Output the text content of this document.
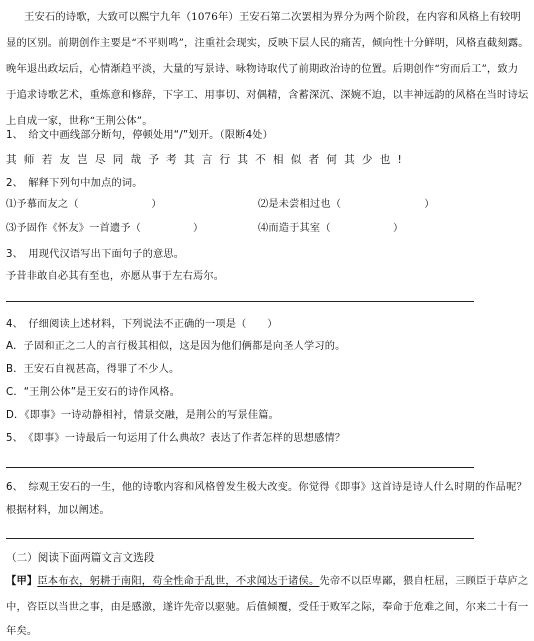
王安石的诗歌，大致可以熙宁九年（1076年）王安石第二次罢相为界分为两个阶段，在内容和风格上有较明
显的区别。前期创作主要是“不平则鸣”，注重社会现实，反映下层人民的痛苦，倾向性十分鲜明，风格直截刻露。
晚年退出政坛后，心情渐趋平淡，大量的写景诗、咏物诗取代了前期政治诗的位置。后期创作“穷而后工”，致力
于追求诗歌艺术，重炼意和修辞，下字工、用事切、对偶精，含蓄深沉、深婉不迫，以丰神远韵的风格在当时诗坛
上自成一家，世称“王荆公体”。
1、　给文中画线部分断句，停顿处用“/”划开。（限断4处）
其师若友岂尽同哉予考其言行其不相似者何其少也!
2、　解释下列句中加点的词。
⑴予慕而友之（　　　　　　　）	⑵是未尝相过也（　　　　　　　　）
⑶予固作《怀友》一首遗予（　　　　　）	⑷而造于其室（　　　　　　）
3、　用现代汉语写出下面句子的意思。
予昔非敢自必其有至也，亦愿从事于左右焉尔。
4、　仔细阅读上述材料，下列说法不正确的一项是（　　）
A．子固和正之二人的言行极其相似，这是因为他们俩都是向圣人学习的。
B．王安石自视甚高，得罪了不少人。
C．“王荆公体”是王安石的诗作风格。
D．《即事》一诗动静相衬，情景交融，是荆公的写景佳篇。
5、　《即事》一诗最后一句运用了什么典故？表达了作者怎样的思想感情？
6、　综观王安石的一生，他的诗歌内容和风格曾发生极大改变。你觉得《即事》这首诗是诗人什么时期的作品呢？
根据材料，加以阐述。
（二）阅读下面两篇文言文选段
【甲】臣本布衣，躬耕于南阳，苟全性命于乱世，不求闻达于诸侯。先帝不以臣卑鄙，猥自枉屈，三顾臣于草庐之
中，咨臣以当世之事，由是感激，遂许先帝以驱驰。后值倾覆，受任于败军之际，奉命于危难之间，尔来二十有一
年矣。
